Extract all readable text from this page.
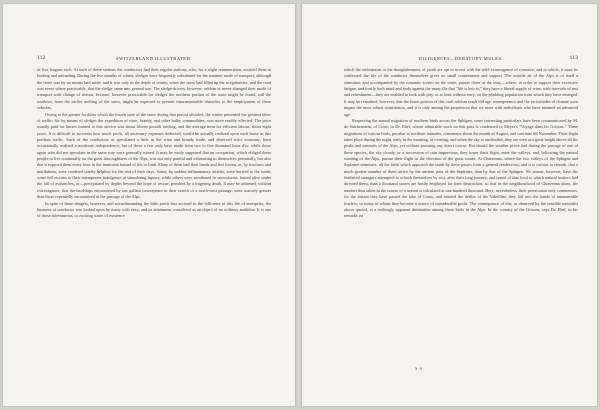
112	SWITZERLAND ILLUSTRATED.

of five leagues each. At each of these stations the conductors had their regular stations, who, for a slight remuneration, assisted them in loading and unloading. During the five months of winter, sledges were frequently substituted for the summer mode of transport, although the latter was by no means laid aside; and it was only in the depth of winter, when the snow had filled up the irregularities, and the road was every where practicable, that the sledge came into general use. The sledge-drivers, however, seldom or never changed their mode of transport with change of season, because, however practicable for sledges the northern portion of the route might be found, still the southern, from the earlier melting of the snow, might be expected to present insurmountable obstacles to the employment of these vehicles.

Owing to the greater facilities which the frozen state of the snow during that period afforded, the winter presented the greatest show of traffic; for by means of sledges the expedition of wine, brandy, and other bulky commodities, was more readily effected. The price usually paid for horses trained to this service was about fifteen pounds sterling, and the average term for efficient labour, about eight years. It is difficult to ascertain how much profit, all necessary expenses deducted, would be actually realized upon each horse in this perilous traffic. Such of the conductors as speculated a little in the wine and brandy trade, and observed strict economy, have occasionally realized a moderate independence; but of these a few only have made from two to five thousand louis d'or: while those again who did not speculate in the same way were generally ruined. It may be easily supposed that an occupation, which obliged these people to live continually on the great thoroughfares of the Alps, was not only painful and exhausting to themselves personally, but also that it exposed them every hour to the imminent hazard of life or limb. Many of them had their hands and feet frozen, or, by fractures and mutilations, were rendered utterly helpless for the rest of their days. Some, by sudden inflammatory attacks, were hurried to the tomb; some fell victims to their intemperate indulgence in stimulating liquors; while others were smothered in snowstorms, buried alive under the fall of avalanches, or—precipitated by depths beyond the hope of rescue, perished by a lingering death. It may be affirmed, without extravagance, that the hardships encountered by our gallant countrymen in their search of a north-west passage, were scarcely greater than those repeatedly encountered in the passage of the Alps.

In spite of these dangers, however, and notwithstanding the little profit that accrued to the followers of this life of enterprise, the business of conductor was looked upon by many with envy, and its attainment considered as an object of no ordinary ambition. It is one of those adventurous, or exciting states of existence

DILIGENCES—DEBATORY MULES.	113

which the enthusiasm or the thoughtlessness of youth are apt to invest with the wild extravagance of romance, and to which, it must be confessed, the life of the conductor themselves gives no small countenance and support. The outside air of the Alps is of itself a stimulant; and accompanied by the romantic scenes on the route, pursue cheer at the inns,—where, in order to support their excessive fatigue, and fortify both mind and body against the many ills that "life is heir to," they have a liberal supply of wine, with intervals of rest and refreshment—they are enabled to look with pity, or at least without envy, on the plodding population from which they have emerged. It may be remarked, however, that the finest portion of this craft seldom reach old age: intemperance and the vicissitudes of climate soon impair the most robust constitution, and it is only among the proprietors that we meet with individuals who have attained an advanced age.

Respecting the annual migration of northern birds across the Splügen, some interesting particulars have been communicated by M. de Salchenstein, of Coire, to Dr. Ebel, whose admirable work on this pass is condensed in Meyer's "Voyage dans les Grisons." These migrations of various birds, peculiar to northern latitudes, commence about the month of August, and continue till November. Their flight takes place during the night, early in the morning, or evening; and when the sky is unclouded, they are seen at a great height above all the peaks and summits of the Alps, yet without pursuing any direct course. But should the weather prove bad during the passage of one of these species, the sky cloudy, or a succession of rain impervious, they lower their flight, enter the valleys, and, following the natural winding of the Alps, pursue their flight in the direction of the great routes. At Chiavenna, where the two valleys of the Splügen and Septimer terminate, all the birds which approach the south by these passes form a general rendezvous; and it is curious to remark, that a much greater number of them arrive by the ancient pass of the Septimer, than by that of the Splügen. No sooner, however, have the feathered strangers attempted to refresh themselves by rest, after their long journey, and tasted of that food to which natural instinct had directed them, than a thousand snares are busily employed for their destruction; so that in the neighbourhood of Chiavenna alone, the number thus taken in the course of a season is calculated at one hundred thousand. Here, nevertheless, their persecution only commences, for the instant they have passed the lake of Como, and entered the defiles of the Valtelline, they fall into the hands of innumerable fowlers; so many of whom they become a source of considerable profit. The consequence of this, as observed by the sensible naturalist above quoted, is a strikingly apparent diminution among these birds in the Alps. In the country of the Grisons, says Dr. Ebel, in his remarks on

S S
